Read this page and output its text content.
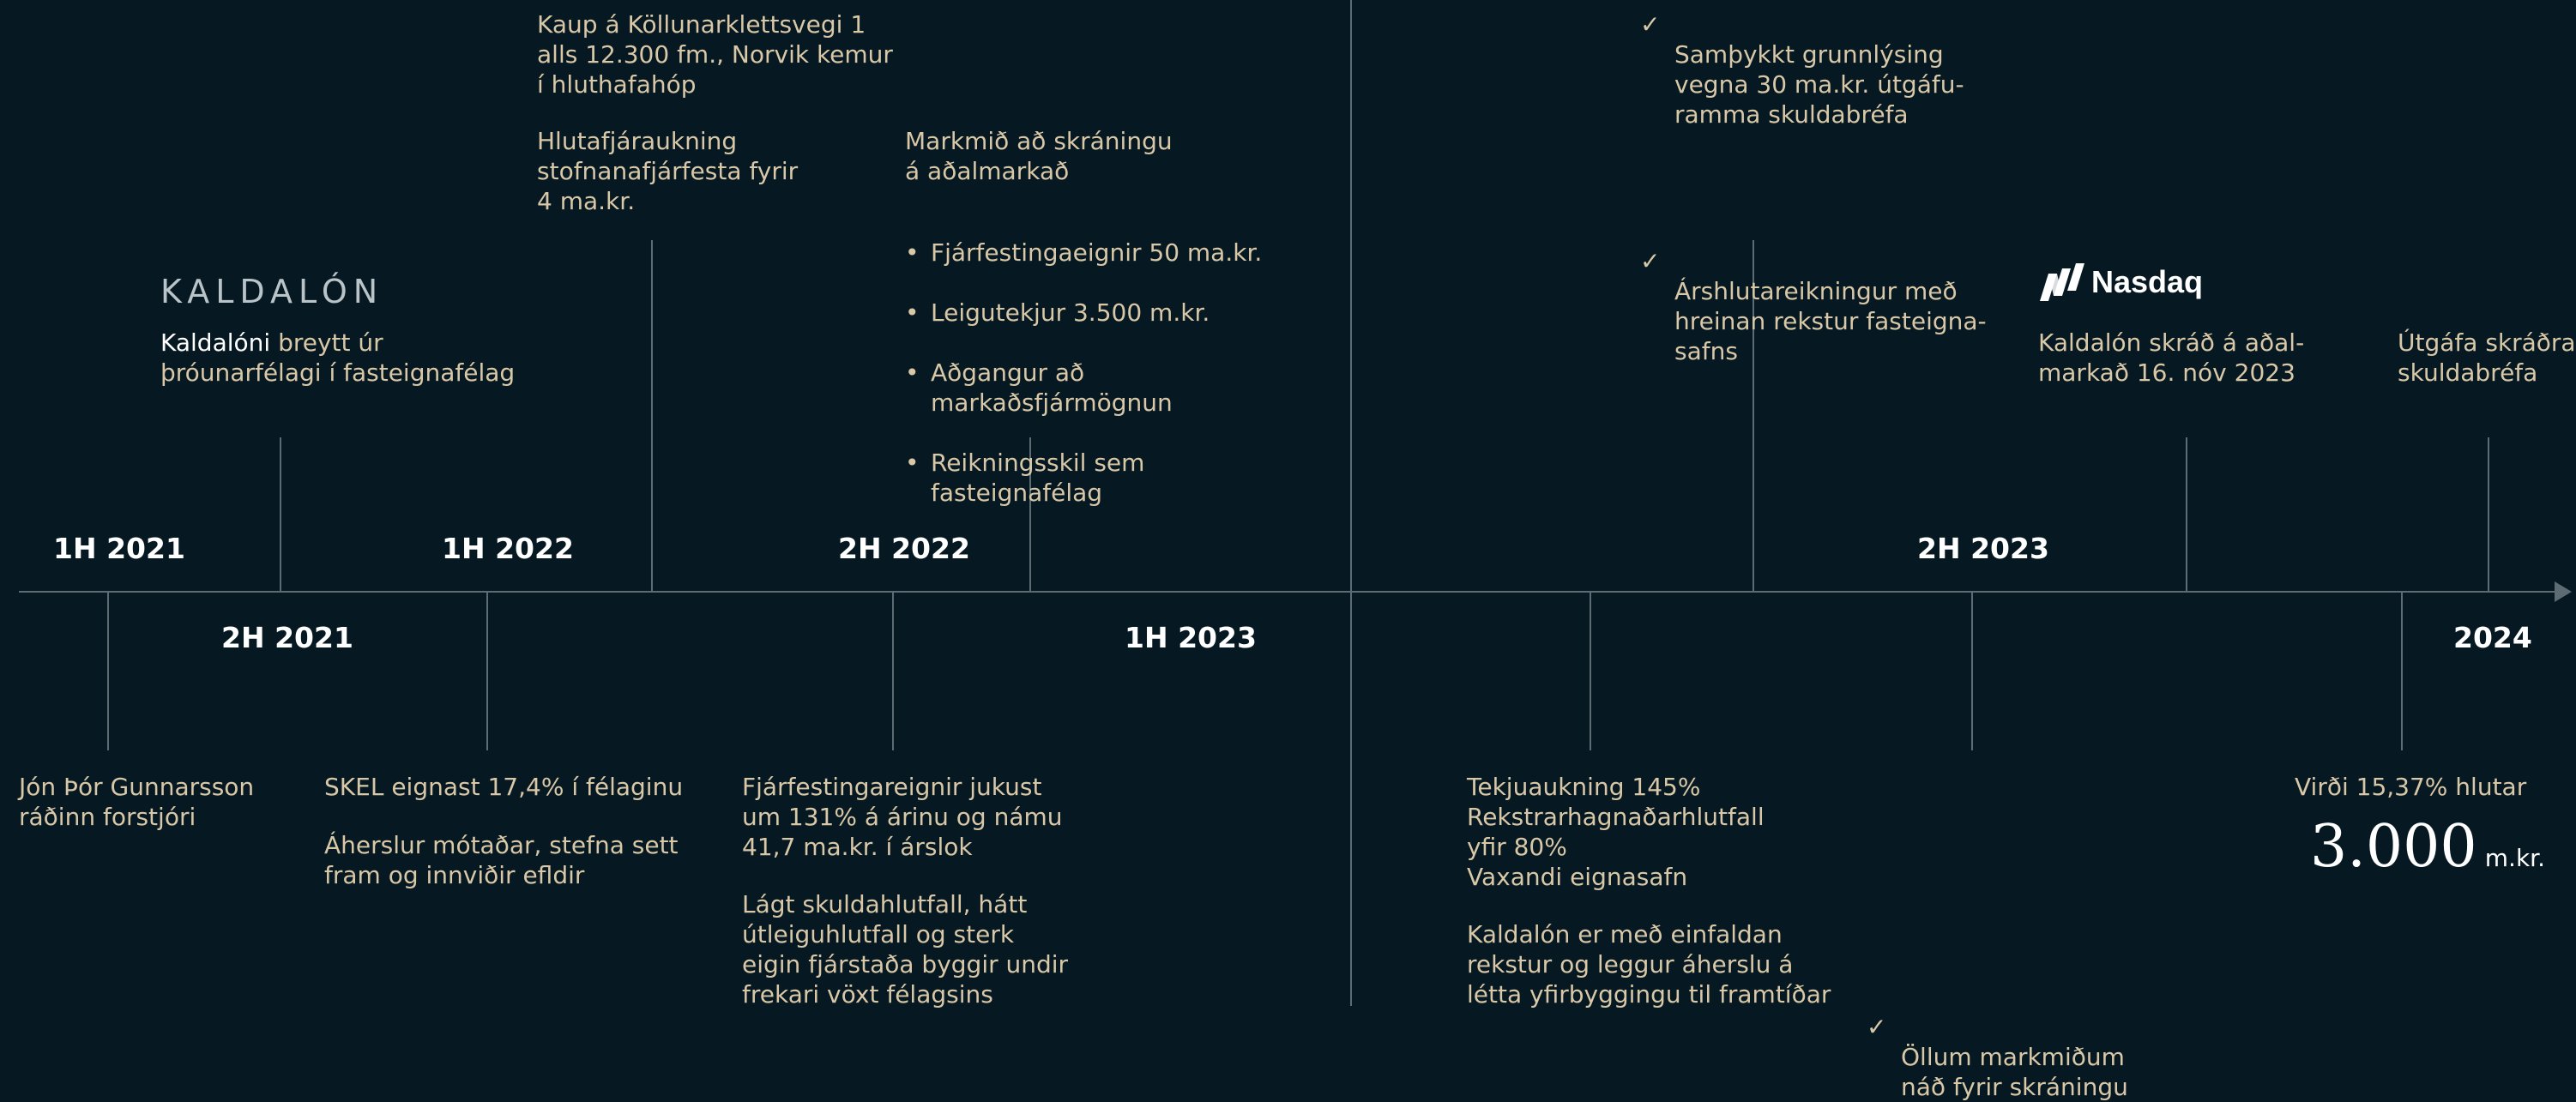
1H 2021	1H 2022	2H 2022	2H 2023
2H 2021	1H 2023	2024
KALDALÓN
Kaldalóni breytt úr
þróunarfélagi í fasteignafélag
Kaup á Köllunarklettsvegi 1
alls 12.300 fm., Norvik kemur
í hluthafahóp
Hlutafjáraukning
stofnanafjárfesta fyrir
4 ma.kr.
Markmið að skráningu
á aðalmarkað

• Fjárfestingaeignir 50 ma.kr.

• Leigutekjur 3.500 m.kr.

• Aðgangur að
markaðsfjármögnun

• Reikningsskil sem
fasteignafélag

✓
Samþykkt grunnlýsing
vegna 30 ma.kr. útgáfu-
ramma skuldabréfa

✓
Árshlutareikningur með
hreinan rekstur fasteigna-
safns

Nasdaq
Kaldalón skráð á aðal-
markað 16. nóv 2023
Útgáfa skráðra
skuldabréfa
Jón Þór Gunnarsson
ráðinn forstjóri
SKEL eignast 17,4% í félaginu
Áherslur mótaðar, stefna sett
fram og innviðir efldir
Fjárfestingareignir jukust
um 131% á árinu og námu
41,7 ma.kr. í árslok
Lágt skuldahlutfall, hátt
útleiguhlutfall og sterk
eigin fjárstaða byggir undir
frekari vöxt félagsins
Tekjuaukning 145%
Rekstrarhagnaðarhlutfall
yfir 80%
Vaxandi eignasafn
Kaldalón er með einfaldan
rekstur og leggur áherslu á
létta yfirbyggingu til framtíðar

✓
Öllum markmiðum
náð fyrir skráningu

Virði 15,37% hlutar
3.000 m.kr.
